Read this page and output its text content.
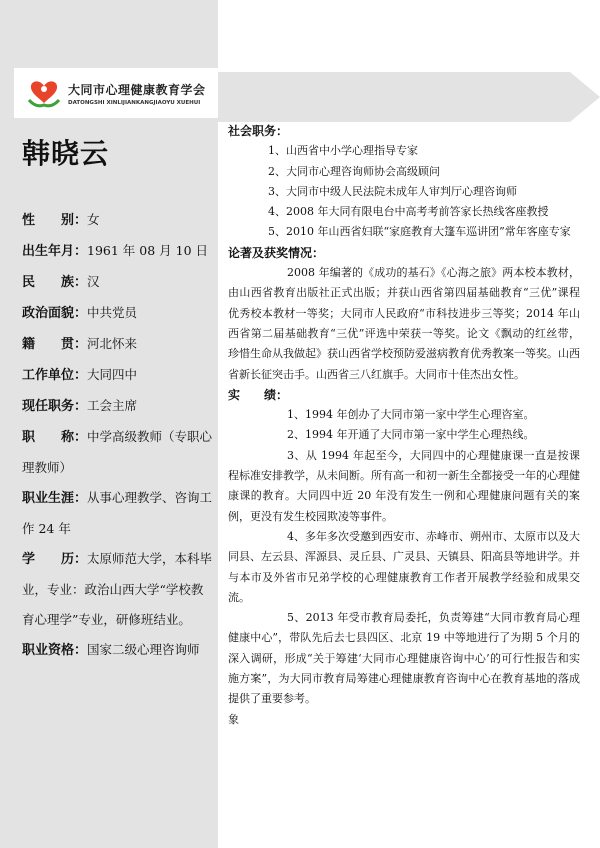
大同市心理健康教育学会
DATONGSHI XINLIJIANKANGJIAOYU XUEHUI
韩晓云
性　　别：女
出生年月：1961 年 08 月 10 日
民　　族：汉
政治面貌：中共党员
籍　　贯：河北怀来
工作单位：大同四中
现任职务：工会主席
职　　称：中学高级教师（专职心理教师）
职业生涯：从事心理教学、咨询工作 24 年
学　　历：太原师范大学，本科毕业，专业：政治山西大学“学校教育心理学”专业，研修班结业。
职业资格：国家二级心理咨询师
社会职务：
1、山西省中小学心理指导专家
2、大同市心理咨询师协会高级顾问
3、大同市中级人民法院未成年人审判厅心理咨询师
4、2008 年大同有限电台中高考考前答家长热线客座教授
5、2010 年山西省妇联“家庭教育大篷车巡讲团”常年客座专家
论著及获奖情况：
2008 年编著的《成功的基石》《心海之旅》两本校本教材，由山西省教育出版社正式出版；并获山西省第四届基础教育“三优”课程优秀校本教材一等奖；大同市人民政府“市科技进步三等奖；2014 年山西省第二届基础教育“三优”评选中荣获一等奖。论文《飘动的红丝带，珍惜生命从我做起》获山西省学校预防爱滋病教育优秀教案一等奖。山西省新长征突击手。山西省三八红旗手。大同市十佳杰出女性。
实　　绩：
1、1994 年创办了大同市第一家中学生心理咨室。
2、1994 年开通了大同市第一家中学生心理热线。
3、从 1994 年起至今，大同四中的心理健康课一直是按课程标准安排教学，从未间断。所有高一和初一新生全都接受一年的心理健康课的教育。大同四中近 20 年没有发生一例和心理健康问题有关的案例，更没有发生校园欺凌等事件。
4、多年多次受邀到西安市、赤峰市、朔州市、太原市以及大同县、左云县、浑源县、灵丘县、广灵县、天镇县、阳高县等地讲学。并与本市及外省市兄弟学校的心理健康教育工作者开展教学经验和成果交流。
5、2013 年受市教育局委托，负责筹建“大同市教育局心理健康中心”，带队先后去七县四区、北京 19 中等地进行了为期 5 个月的深入调研，形成“关于筹建‘大同市心理健康咨询中心’的可行性报告和实施方案”，为大同市教育局筹建心理健康教育咨询中心在教育基地的落成提供了重要参考。
象
